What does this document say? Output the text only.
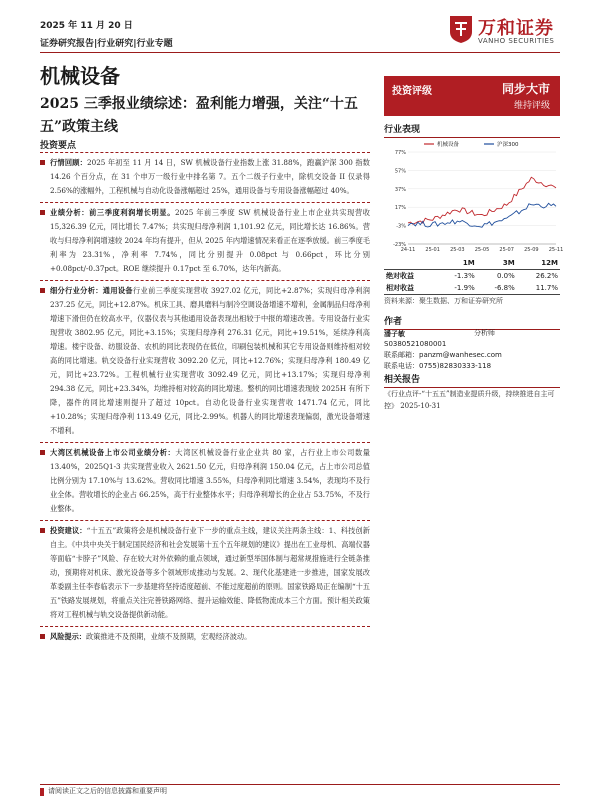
2025 年 11 月 20 日
证券研究报告|行业研究|行业专题
万和证券
VANHO SECURITIES
机械设备
2025 三季报业绩综述：盈利能力增强，关注“十五五”政策主线
投资要点
行情回顾：2025 年初至 11 月 14 日，SW 机械设备行业指数上涨 31.88%，跑赢沪深 300 指数 14.26 个百分点，在 31 个申万一级行业中排名第 7。五个二级子行业中，除机交设备 II 仅录得 2.56%的涨幅外，工程机械与自动化设备涨幅超过 25%，通用设备与专用设备涨幅超过 40%。
业绩分析：前三季度利润增长明显。2025 年前三季度 SW 机械设备行业上市企业共实现营收 15,326.39 亿元，同比增长 7.47%；共实现归母净利润 1,101.92 亿元，同比增长达 16.86%。营收与归母净利润增速较 2024 年均有提升，但从 2025 年内增速情况来看正在逐季放缓。前三季度毛利率为 23.31%，净利率 7.74%，同比分别提升 0.08pct 与 0.66pct，环比分别+0.08pct/-0.37pct。ROE 继续提升 0.17pct 至 6.70%，达年内新高。
细分行业分析：通用设备行业前三季度实现营收 3927.02 亿元，同比+2.87%；实现归母净利润 237.25 亿元，同比+12.87%。机床工具、磨具磨料与制冷空调设备增速不增利，金属制品归母净利增速下滑但仍在较高水平，仪器仪表与其他通用设备表现出相较于中报的增速改善。专用设备行业实现营收 3802.95 亿元，同比+3.15%；实现归母净利 276.31 亿元，同比+19.51%，延续净利高增速。楼宇设备、纺服设备、农机的同比表现仍在低位，印刷包装机械和其它专用设备则维持相对较高的同比增速。轨交设备行业实现营收 3092.20 亿元，同比+12.76%；实现归母净利 180.49 亿元，同比+23.72%。工程机械行业实现营收 3092.49 亿元，同比+13.17%；实现归母净利 294.38 亿元，同比+23.34%，均维持相对较高的同比增速。整机的同比增速表现较 2025H 有所下降，器件的同比增速则提升了超过 10pct。自动化设备行业实现营收 1471.74 亿元，同比+10.28%；实现归母净利 113.49 亿元，同比-2.99%。机器人的同比增速表现偏弱，激光设备增速不增利。
大湾区机械设备上市公司业绩分析：大湾区机械设备行业企业共 80 家，占行业上市公司数量 13.40%，2025Q1-3 共实现营业收入 2621.50 亿元，归母净利润 150.04 亿元，占上市公司总值比例分别为 17.10%与 13.62%。营收同比增速 3.55%，归母净利同比增速 3.54%，表现均不及行业全体。营收增长的企业占 66.25%，高于行业整体水平；归母净利增长的企业占 53.75%，不及行业整体。
投资建议：“十五五”政策将会是机械设备行业下一步的重点主线，建议关注两条主线：1、科技创新自主。《中共中央关于制定国民经济和社会发展第十五个五年规划的建议》提出在工业母机、高端仪器等面临“卡脖子”风险、存在较大对外依赖的重点领域，通过新型举国体制与超常规措施进行全链条推动，预期将对机床、激光设备等多个领域形成推动与发展。2、现代化基建进一步推进，国家发展改革委副主任李春临表示下一步基建将坚持适度超前、不能过度超前的原则。国家铁路局正在编制“十五五”铁路发展规划，将重点关注完善铁路网络、提升运输效能、降低物流成本三个方面。预计相关政策将对工程机械与轨交设备提供新动能。
风险提示：政策推进不及预期，业绩不及预期，宏观经济波动。
投资评级	同步大市
维持评级
行业表现
77%
57%
37%
17%
-3%
-23%
24-11 25-01 25-03 25-05 25-07 25-09 25-11
机械设备	沪深300
	1M	3M	12M
绝对收益	-1.3%	0.0%	26.2%
相对收益	-1.9%	-6.8%	11.7%
资料来源：聚生数据、万和证券研究所
作者
潘子敏	分析师
S0380521080001
联系邮箱：panzm@wanhesec.com
联系电话：0755)82830333-118
相关报告
《行业点评-“十五五”制造业提质升级，持续推进自主可控》 2025-10-31
请阅读正文之后的信息披露和重要声明
